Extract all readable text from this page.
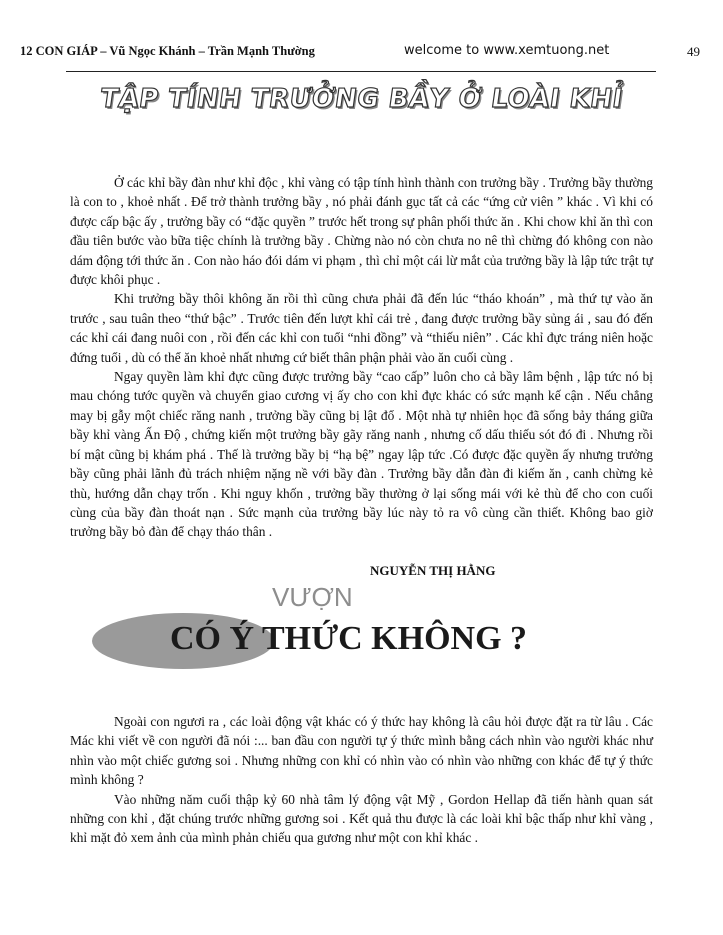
12 CON GIÁP – Vũ Ngọc Khánh – Trần Mạnh Thường	welcome to www.xemtuong.net	49
TẬP TÍNH TRƯỞNG BẦY Ở LOÀI KHỈ

Ở các khỉ bầy đàn như khỉ độc , khỉ vàng có tập tính hình thành con trưởng bầy . Trưởng bầy thường là con to , khoẻ nhất . Để trở thành trưởng bầy , nó phải đánh gục tất cả các “ứng cử viên ” khác . Vì khi có được cấp bậc ấy , trưởng bầy có “đặc quyền ” trước hết trong sự phân phối thức ăn . Khi chow khỉ ăn thì con đầu tiên bước vào bữa tiệc chính là trưởng bầy . Chừng nào nó còn chưa no nê thì chừng đó không con nào dám động tới thức ăn . Con nào háo đói dám vi phạm , thì chỉ một cái lừ mắt của trưởng bầy là lập tức trật tự được khôi phục .

Khi trưởng bầy thôi không ăn rồi thì cũng chưa phải đã đến lúc “tháo khoán” , mà thứ tự vào ăn trước , sau tuân theo “thứ bậc” . Trước tiên đến lượt khỉ cái trẻ , đang được trưởng bầy sủng ái , sau đó đến các khỉ cái đang nuôi con , rồi đến các khỉ con tuổi “nhi đồng” và “thiếu niên” . Các khỉ đực tráng niên hoặc đứng tuổi , dù có thể ăn khoẻ nhất nhưng cứ biết thân phận phải vào ăn cuối cùng .

Ngay quyền làm khỉ đực cũng được trưởng bầy “cao cấp” luôn cho cả bầy lâm bệnh , lập tức nó bị mau chóng tước quyền và chuyển giao cương vị ấy cho con khỉ đực khác có sức mạnh kế cận . Nếu chẳng may bị gẫy một chiếc răng nanh , trưởng bầy cũng bị lật đổ . Một nhà tự nhiên học đã sống bảy tháng giữa bầy khỉ vàng Ấn Độ , chứng kiến một trưởng bầy gãy răng nanh , nhưng cố dấu thiếu sót đó đi . Nhưng rồi bí mật cũng bị khám phá . Thế là trưởng bầy bị “hạ bệ” ngay lập tức .Có được đặc quyền ấy nhưng trưởng bầy cũng phải lãnh đủ trách nhiệm nặng nề với bầy đàn . Trưởng bầy dẫn đàn đi kiếm ăn , canh chừng kẻ thù, hướng dẫn chạy trốn . Khi nguy khốn , trưởng bầy thường ở lại sống mái với kẻ thù để cho con cuối cùng của bầy đàn thoát nạn . Sức mạnh của trưởng bầy lúc này tỏ ra vô cùng cần thiết. Không bao giờ trưởng bầy bỏ đàn để chạy tháo thân .

NGUYỄN THỊ HẰNG
VƯỢN
CÓ Ý THỨC KHÔNG ?

Ngoài con ngươi ra , các loài động vật khác có ý thức hay không là câu hỏi được đặt ra từ lâu . Các Mác khi viết về con người đã nói :... ban đầu con người tự ý thức mình bằng cách nhìn vào người khác như nhìn vào một chiếc gương soi . Nhưng những con khỉ có nhìn vào có nhìn vào những con khác để tự ý thức mình không ?

Vào những năm cuối thập kỷ 60 nhà tâm lý động vật Mỹ , Gordon Hellap đã tiến hành quan sát những con khỉ , đặt chúng trước những gương soi . Kết quả thu được là các loài khỉ bậc thấp như khỉ vàng , khỉ mặt đỏ xem ảnh của mình phản chiếu qua gương như một con khỉ khác .
